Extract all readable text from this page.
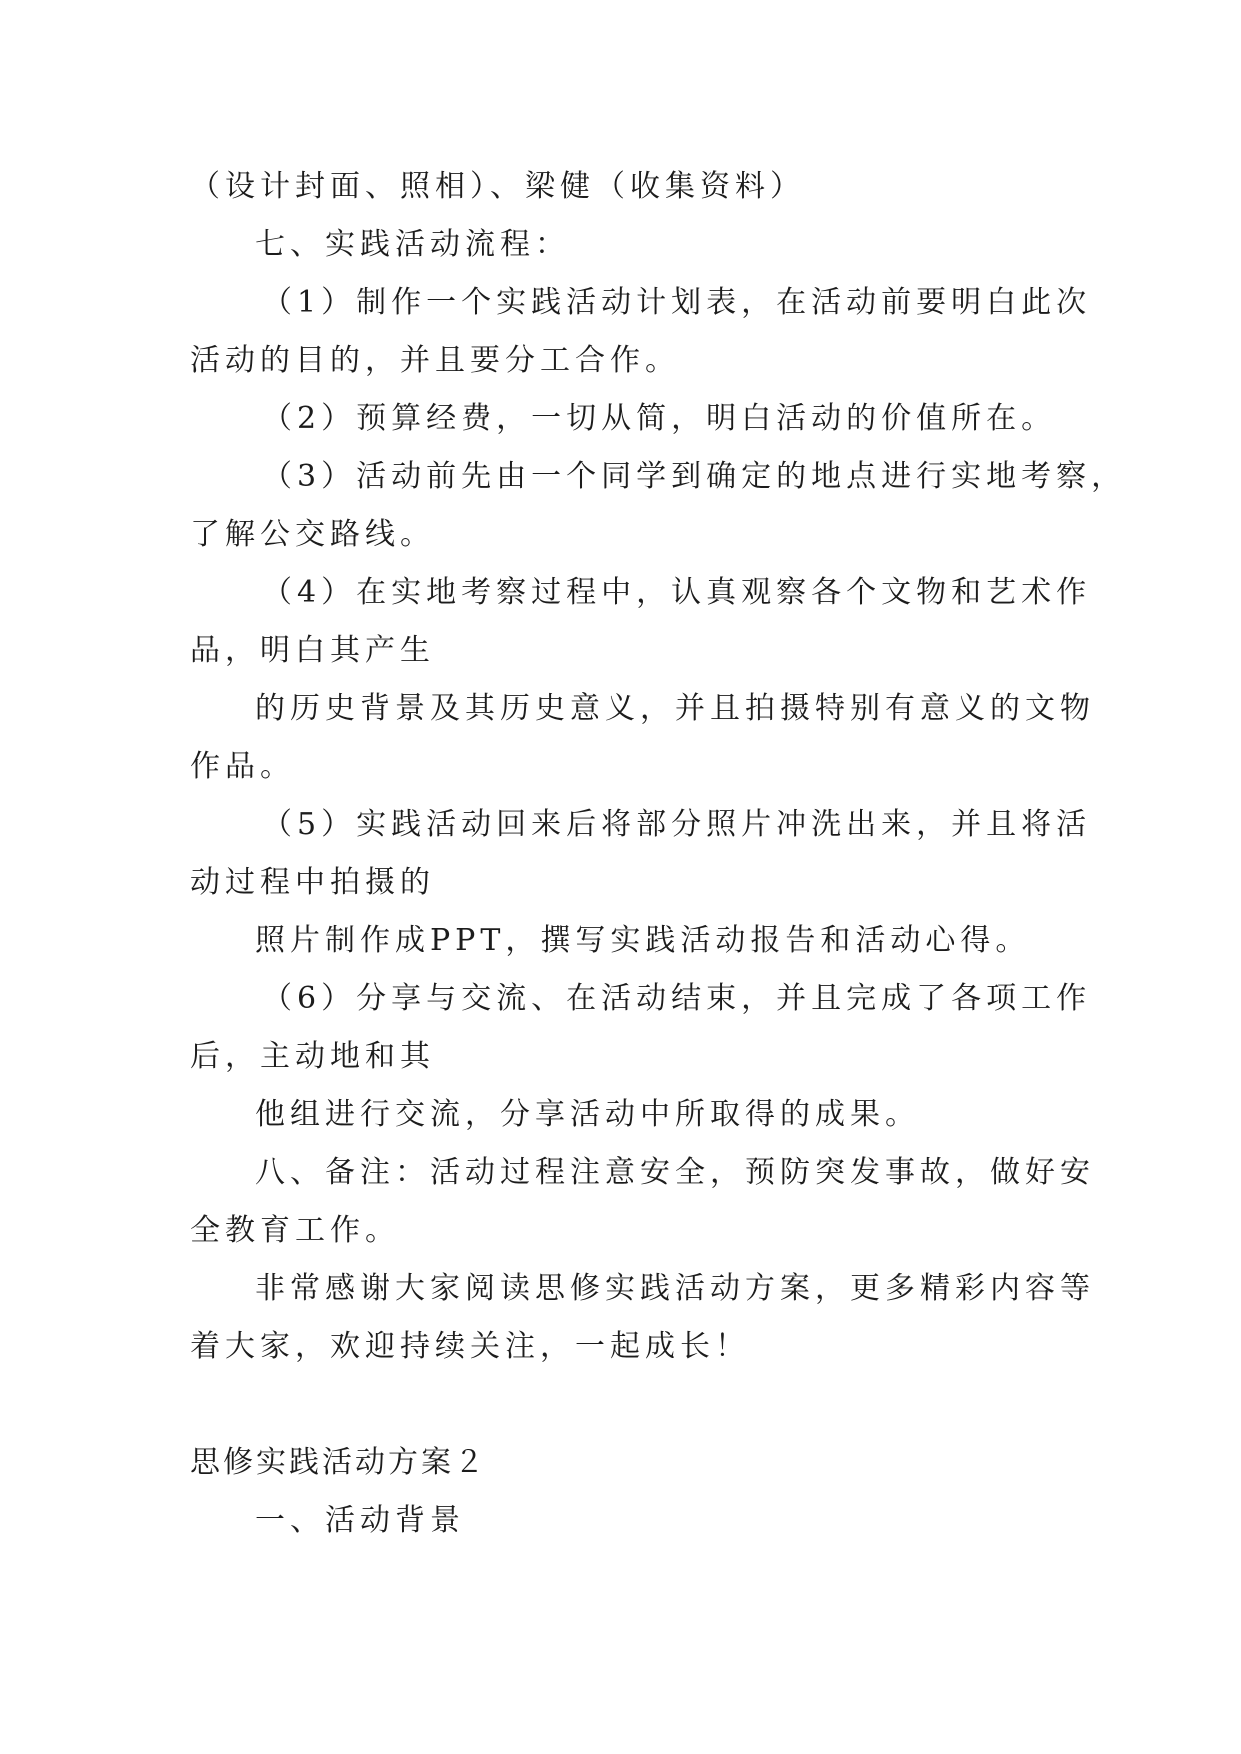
（设计封面、照相）、梁健（收集资料）

七、实践活动流程：

（1）制作一个实践活动计划表，在活动前要明白此次

活动的目的，并且要分工合作。

（2）预算经费，一切从简，明白活动的价值所在。

（3）活动前先由一个同学到确定的地点进行实地考察，

了解公交路线。

（4）在实地考察过程中，认真观察各个文物和艺术作

品，明白其产生

的历史背景及其历史意义，并且拍摄特别有意义的文物

作品。

（5）实践活动回来后将部分照片冲洗出来，并且将活

动过程中拍摄的

照片制作成PPT，撰写实践活动报告和活动心得。

（6）分享与交流、在活动结束，并且完成了各项工作

后，主动地和其

他组进行交流，分享活动中所取得的成果。

八、备注：活动过程注意安全，预防突发事故，做好安

全教育工作。

非常感谢大家阅读思修实践活动方案，更多精彩内容等

着大家，欢迎持续关注，一起成长！

思修实践活动方案２

一、活动背景
